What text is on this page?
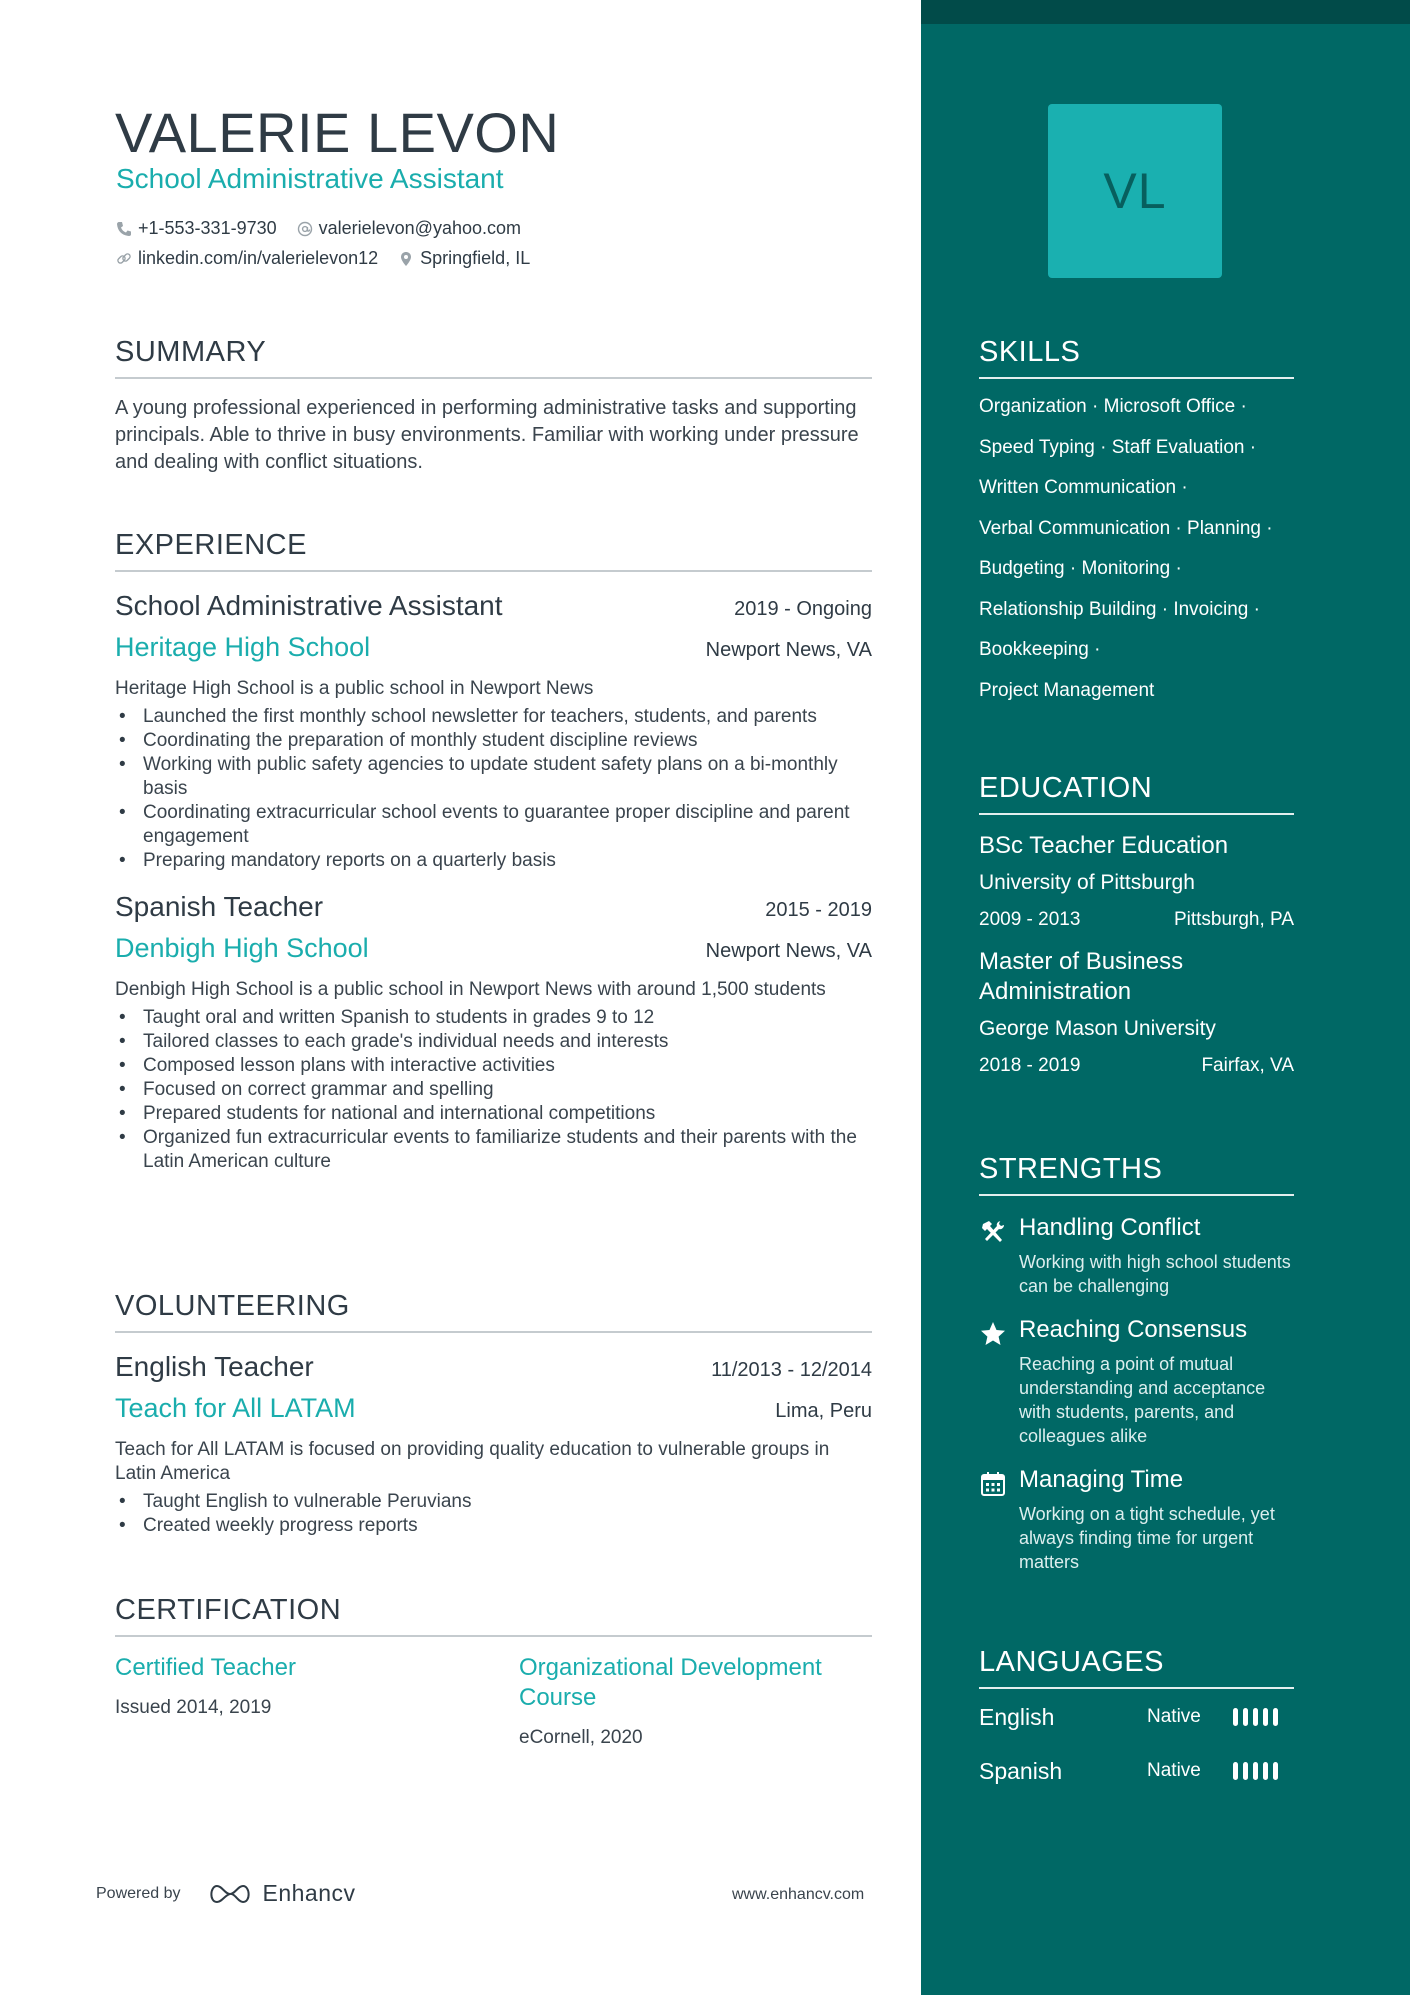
VALERIE LEVON
School Administrative Assistant
+1-553-331-9730 valerielevon@yahoo.com
linkedin.com/in/valerielevon12 Springfield, IL
SUMMARY
A young professional experienced in performing administrative tasks and supporting principals. Able to thrive in busy environments. Familiar with working under pressure and dealing with conflict situations.
EXPERIENCE
School Administrative Assistant	2019 - Ongoing
Heritage High School	Newport News, VA
Heritage High School is a public school in Newport News
• Launched the first monthly school newsletter for teachers, students, and parents
• Coordinating the preparation of monthly student discipline reviews
• Working with public safety agencies to update student safety plans on a bi-monthly basis
• Coordinating extracurricular school events to guarantee proper discipline and parent engagement
• Preparing mandatory reports on a quarterly basis
Spanish Teacher	2015 - 2019
Denbigh High School	Newport News, VA
Denbigh High School is a public school in Newport News with around 1,500 students
• Taught oral and written Spanish to students in grades 9 to 12
• Tailored classes to each grade's individual needs and interests
• Composed lesson plans with interactive activities
• Focused on correct grammar and spelling
• Prepared students for national and international competitions
• Organized fun extracurricular events to familiarize students and their parents with the Latin American culture
VOLUNTEERING
English Teacher	11/2013 - 12/2014
Teach for All LATAM	Lima, Peru
Teach for All LATAM is focused on providing quality education to vulnerable groups in Latin America
• Taught English to vulnerable Peruvians
• Created weekly progress reports
CERTIFICATION
Certified Teacher
Issued 2014, 2019
Organizational Development Course
eCornell, 2020
Powered by	Enhancv	www.enhancv.com
VL
SKILLS
Organization · Microsoft Office ·
Speed Typing · Staff Evaluation ·
Written Communication ·
Verbal Communication · Planning ·
Budgeting · Monitoring ·
Relationship Building · Invoicing ·
Bookkeeping ·
Project Management
EDUCATION
BSc Teacher Education
University of Pittsburgh
2009 - 2013	Pittsburgh, PA
Master of Business Administration
George Mason University
2018 - 2019	Fairfax, VA
STRENGTHS
Handling Conflict
Working with high school students can be challenging
Reaching Consensus
Reaching a point of mutual understanding and acceptance with students, parents, and colleagues alike
Managing Time
Working on a tight schedule, yet always finding time for urgent matters
LANGUAGES
English	Native
Spanish	Native
